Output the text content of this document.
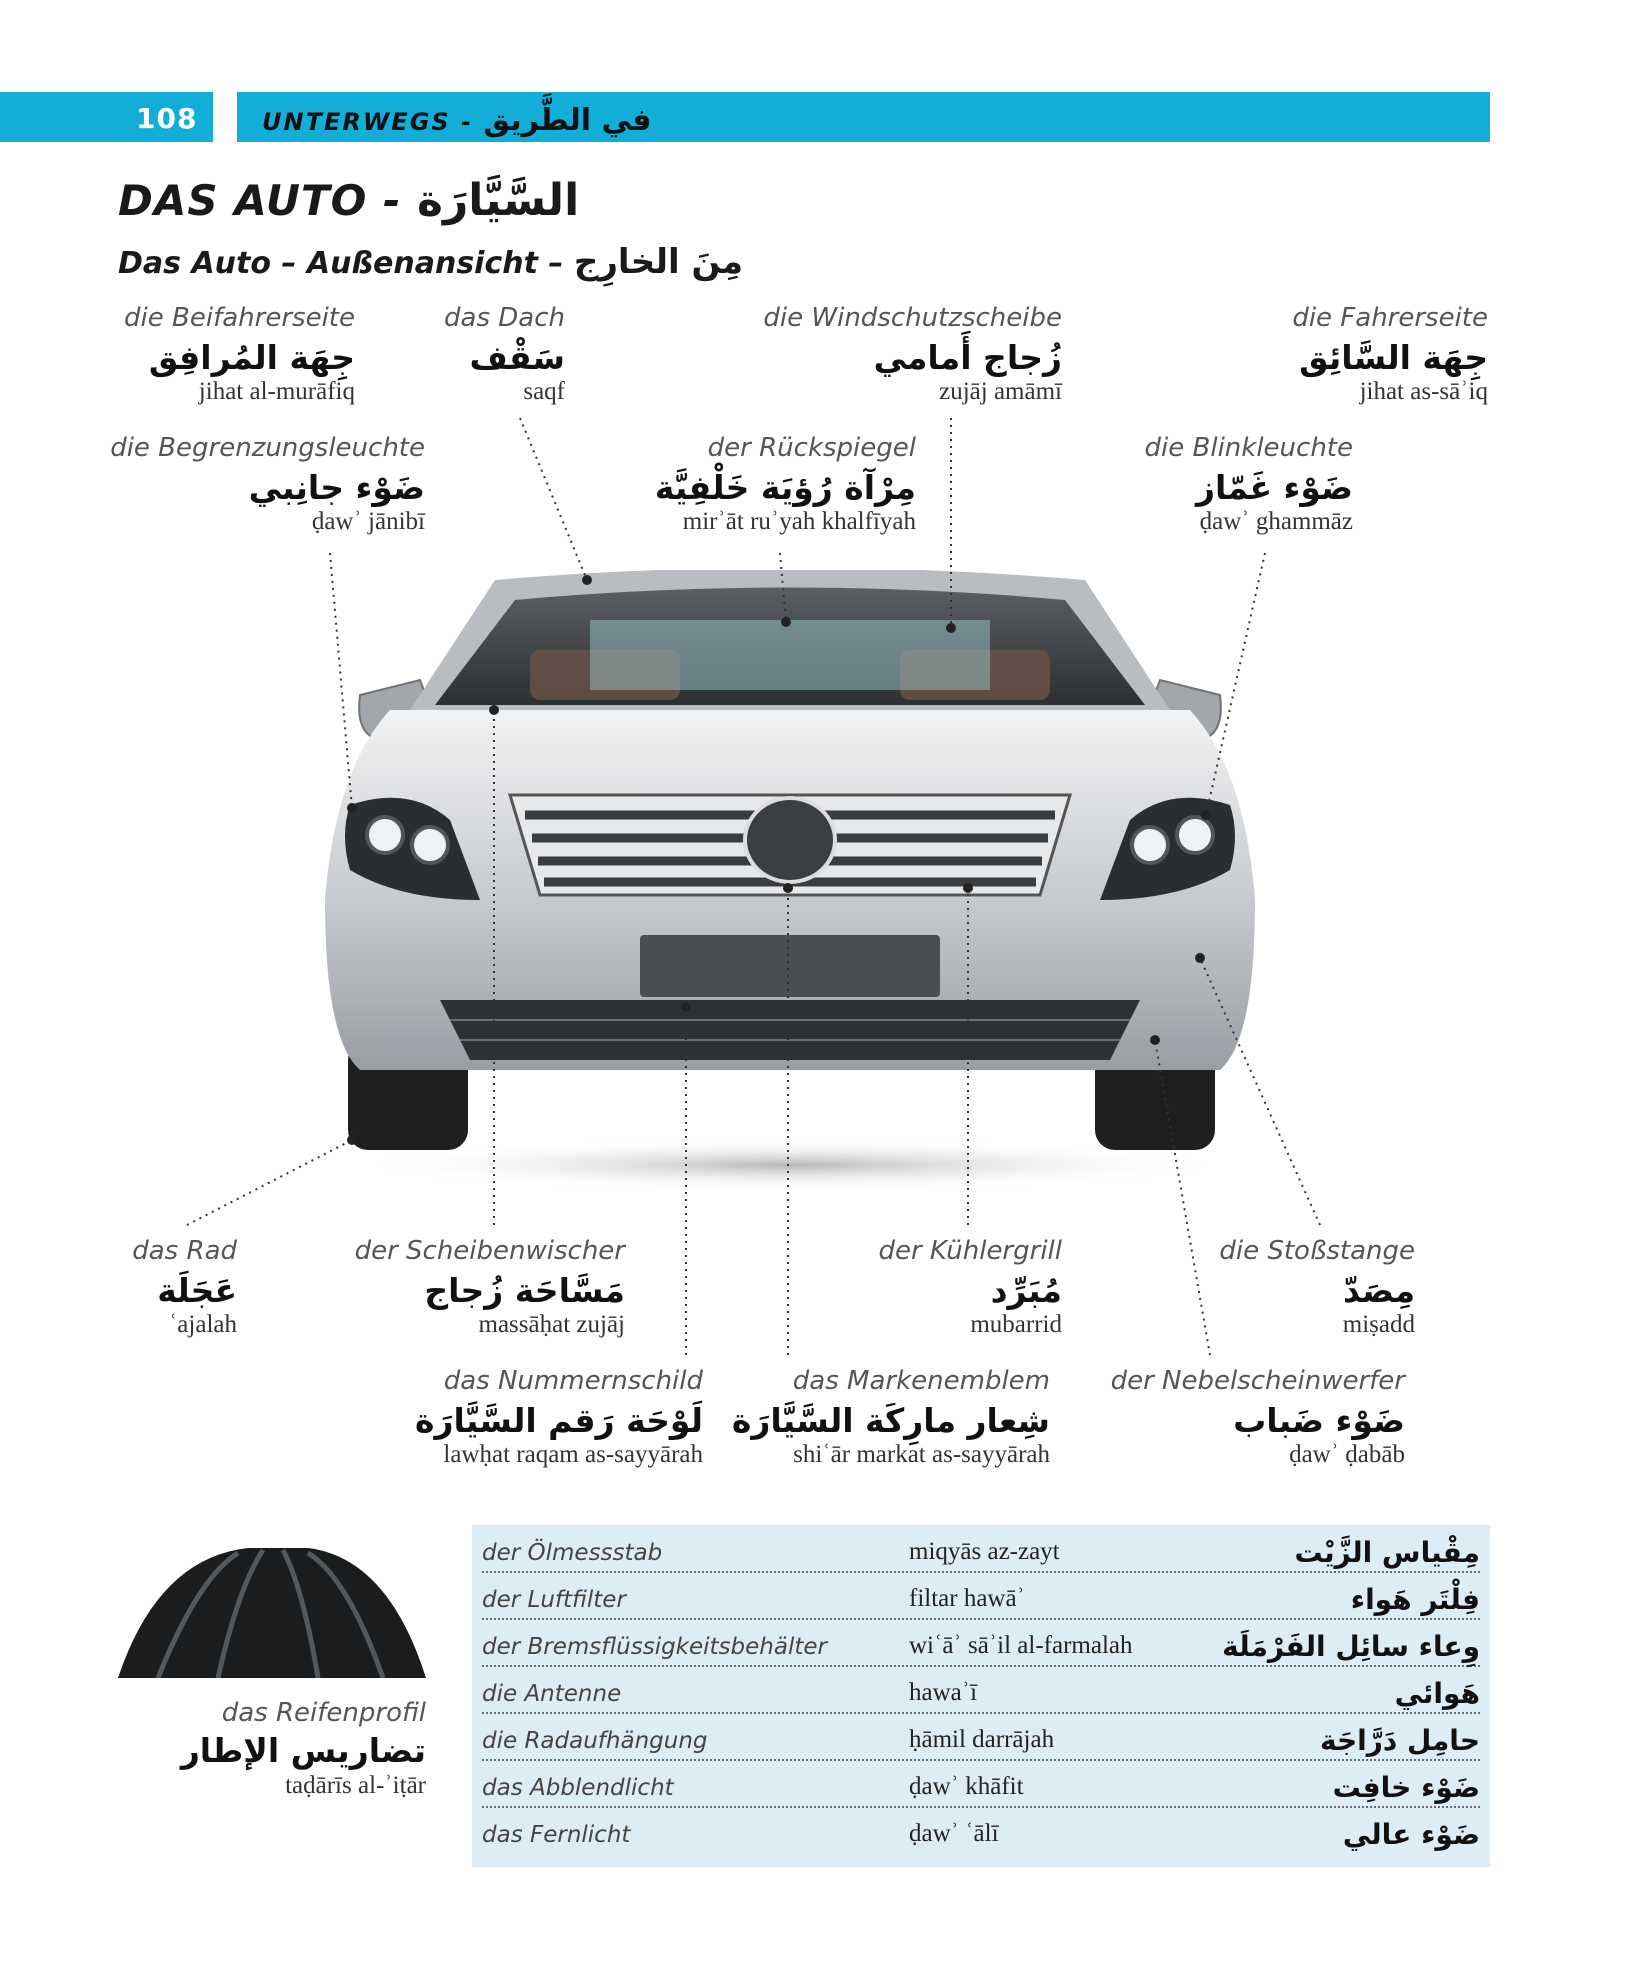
108	UNTERWEGS - في الطَّريق
DAS AUTO - السَّيَّارَة
Das Auto – Außenansicht – مِنَ الخارِج
die Beifahrerseite
جِهَة المُرافِق
jihat al-murāfiq
das Dach
سَقْف
saqf
die Windschutzscheibe
زُجاج أَمامي
zujāj amāmī
die Fahrerseite
جِهَة السَّائِق
jihat as-sāʾiq
die Begrenzungsleuchte
ضَوْء جانِبي
ḍawʾ jānibī
der Rückspiegel
مِرْآة رُؤيَة خَلْفِيَّة
mirʾāt ruʾyah khalfīyah
die Blinkleuchte
ضَوْء غَمّاز
ḍawʾ ghammāz
das Rad
عَجَلَة
ʿajalah
der Scheibenwischer
مَسَّاحَة زُجاج
massāḥat zujāj
der Kühlergrill
مُبَرِّد
mubarrid
die Stoßstange
مِصَدّ
miṣadd
das Nummernschild
لَوْحَة رَقم السَّيَّارَة
lawḥat raqam as-sayyārah
das Markenemblem
شِعار مارِكَة السَّيَّارَة
shiʿār markat as-sayyārah
der Nebelscheinwerfer
ضَوْء ضَباب
ḍawʾ ḍabāb
das Reifenprofil
تضاريس الإطار
taḍārīs al-ʾiṭār
der Ölmessstab	miqyās az-zayt	مِقْياس الزَّيْت
der Luftfilter	filtar hawāʾ	فِلْتَر هَواء
der Bremsflüssigkeitsbehälter	wiʿāʾ sāʾil al-farmalah	وِعاء سائِل الفَرْمَلَة
die Antenne	hawaʾī	هَوائي
die Radaufhängung	ḥāmil darrājah	حامِل دَرَّاجَة
das Abblendlicht	ḍawʾ khāfit	ضَوْء خافِت
das Fernlicht	ḍawʾ ʿālī	ضَوْء عالي
